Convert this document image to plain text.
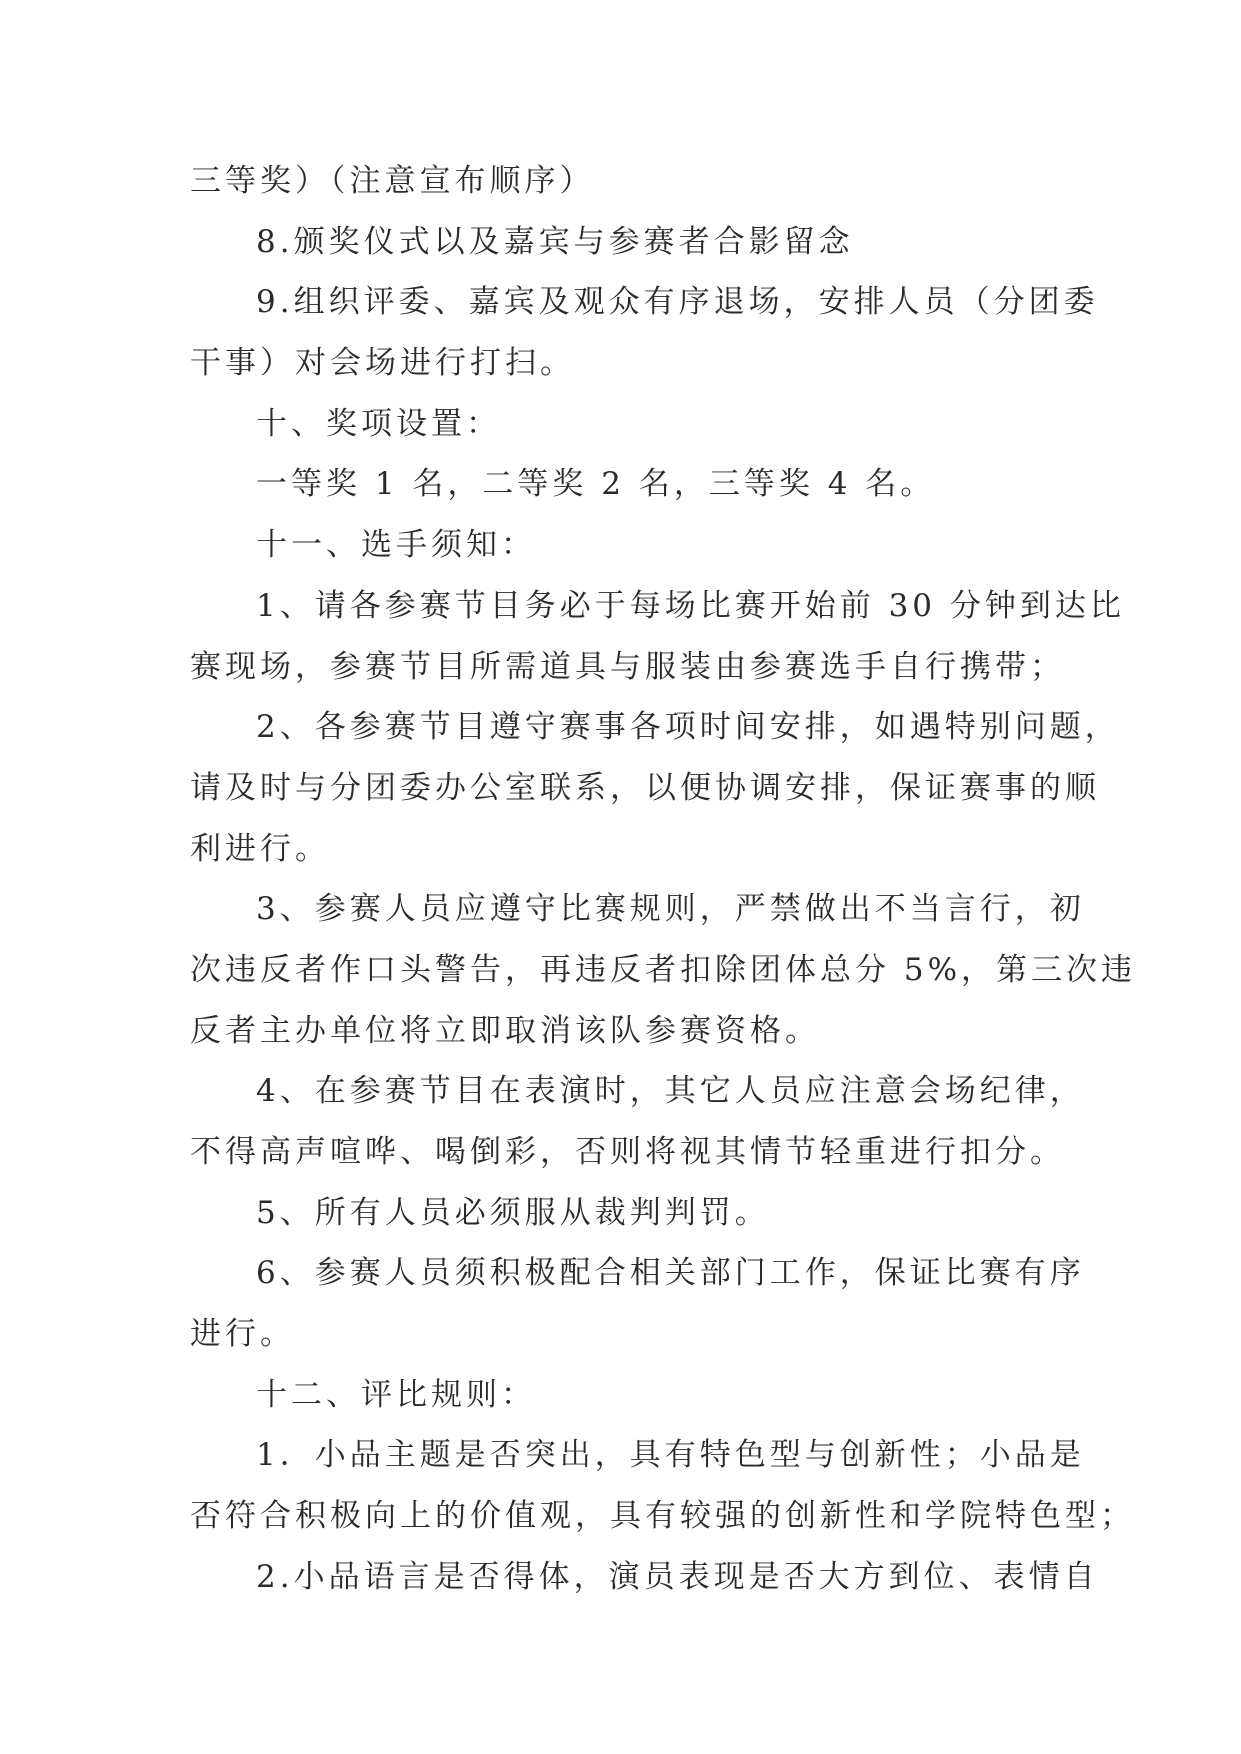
三等奖）（注意宣布顺序）
8.颁奖仪式以及嘉宾与参赛者合影留念
9.组织评委、嘉宾及观众有序退场，安排人员（分团委
干事）对会场进行打扫。
十、奖项设置：
一等奖 1 名，二等奖 2 名，三等奖 4 名。
十一、选手须知：
1、请各参赛节目务必于每场比赛开始前 30 分钟到达比
赛现场，参赛节目所需道具与服装由参赛选手自行携带；
2、各参赛节目遵守赛事各项时间安排，如遇特别问题，
请及时与分团委办公室联系，以便协调安排，保证赛事的顺
利进行。
3、参赛人员应遵守比赛规则，严禁做出不当言行，初
次违反者作口头警告，再违反者扣除团体总分 5%，第三次违
反者主办单位将立即取消该队参赛资格。
4、在参赛节目在表演时，其它人员应注意会场纪律，
不得高声喧哗、喝倒彩，否则将视其情节轻重进行扣分。
5、所有人员必须服从裁判判罚。
6、参赛人员须积极配合相关部门工作，保证比赛有序
进行。
十二、评比规则：
1．小品主题是否突出，具有特色型与创新性；小品是
否符合积极向上的价值观，具有较强的创新性和学院特色型；
2.小品语言是否得体，演员表现是否大方到位、表情自
